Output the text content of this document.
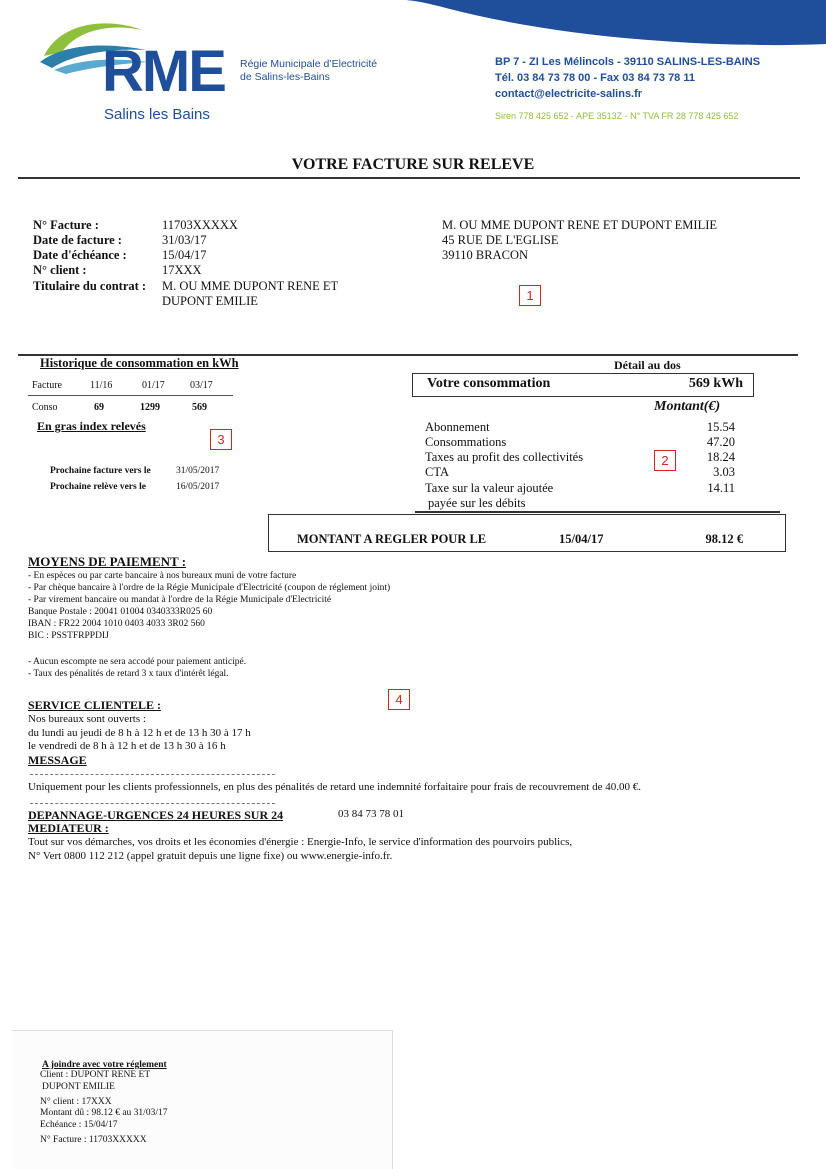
RME
Salins les Bains
Régie Municipale d’Electricité
de Salins-les-Bains
BP 7 - ZI Les Mélincols - 39110 SALINS-LES-BAINS
Tél. 03 84 73 78 00 - Fax 03 84 73 78 11
contact@electricite-salins.fr
Siren 778 425 652 - APE 3513Z - N° TVA FR 28 778 425 652
VOTRE FACTURE SUR RELEVE
N° Facture :	11703XXXXX
Date de facture :	31/03/17
Date d'échéance :	15/04/17
N° client :	17XXX
Titulaire du contrat : M. OU MME DUPONT RENE ET
DUPONT EMILIE
M. OU MME DUPONT RENE ET DUPONT EMILIE
45 RUE DE L'EGLISE
39110 BRACON
1
Historique de consommation en kWh
Facture	11/16	01/17	03/17
Conso	69	1299	569
En gras index relevés
3
Prochaine facture vers le	31/05/2017
Prochaine relève vers le	16/05/2017
Détail au dos
Votre consommation	569 kWh
Montant(€)
Abonnement	15.54
Consommations	47.20
Taxes au profit des collectivités	18.24
CTA	3.03
Taxe sur la valeur ajoutée	14.11
payée sur les débits
2
MONTANT A REGLER POUR LE	15/04/17	98.12 €
MOYENS DE PAIEMENT :
- En espèces ou par carte bancaire à nos bureaux muni de votre facture
- Par chèque bancaire à l'ordre de la Régie Municipale d'Electricité (coupon de réglement joint)
- Par virement bancaire ou mandat à l'ordre de la Régie Municipale d'Electricité
Banque Postale : 20041 01004 0340333R025 60
IBAN : FR22 2004 1010 0403 4033 3R02 560
BIC : PSSTFRPPDIJ
- Aucun escompte ne sera accodé pour paiement anticipé.
- Taux des pénalités de retard 3 x taux d'intérêt légal.
4
SERVICE CLIENTELE :
Nos bureaux sont ouverts :
du lundi au jeudi de 8 h à 12 h et de 13 h 30 à 17 h
le vendredi de 8 h à 12 h et de 13 h 30 à 16 h
MESSAGE
Uniquement pour les clients professionnels, en plus des pénalités de retard une indemnité forfaitaire pour frais de recouvrement de 40.00 €.
DEPANNAGE-URGENCES 24 HEURES SUR 24	03 84 73 78 01
MEDIATEUR :
Tout sur vos démarches, vos droits et les économies d'énergie : Energie-Info, le service d'information des pourvoirs publics,
N° Vert 0800 112 212 (appel gratuit depuis une ligne fixe) ou www.energie-info.fr.
A joindre avec votre réglement
Client : DUPONT RENE ET
DUPONT EMILIE
N° client : 17XXX
Montant dû : 98.12 € au 31/03/17
Echéance : 15/04/17
N° Facture : 11703XXXXX
